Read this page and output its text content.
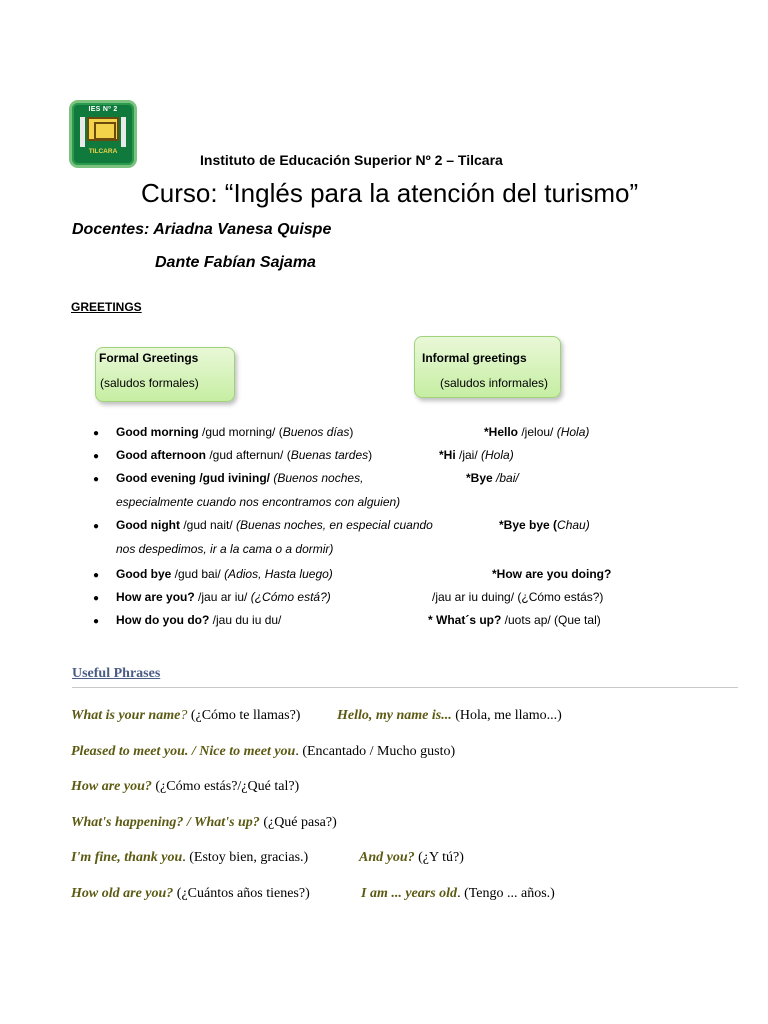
IES Nº 2
TILCARA
Instituto de Educación Superior Nº 2 – Tilcara
Curso: “Inglés para la atención del turismo”
Docentes: Ariadna Vanesa Quispe
Dante Fabían Sajama
GREETINGS
Formal Greetings
(saludos formales)
Informal greetings
(saludos informales)
● Good morning /gud morning/ (Buenos días)
● Good afternoon /gud afternun/ (Buenas tardes)
● Good evening /gud ivining/ (Buenos noches,
especialmente cuando nos encontramos con alguien)
● Good night /gud nait/ (Buenas noches, en especial cuando
nos despedimos, ir a la cama o a dormir)
● Good bye /gud bai/ (Adios, Hasta luego)
● How are you? /jau ar iu/ (¿Cómo está?)
● How do you do? /jau du iu du/
*Hello /jelou/ (Hola)
*Hi /jai/ (Hola)
*Bye /bai/
*Bye bye (Chau)
*How are you doing?
/jau ar iu duing/ (¿Cómo estás?)
* What´s up? /uots ap/ (Que tal)
Useful Phrases
What is your name? (¿Cómo te llamas?)	Hello, my name is... (Hola, me llamo...)
Pleased to meet you. / Nice to meet you. (Encantado / Mucho gusto)
How are you? (¿Cómo estás?/¿Qué tal?)
What's happening? / What's up? (¿Qué pasa?)
I'm fine, thank you. (Estoy bien, gracias.)	And you? (¿Y tú?)
How old are you? (¿Cuántos años tienes?)	I am ... years old. (Tengo ... años.)
